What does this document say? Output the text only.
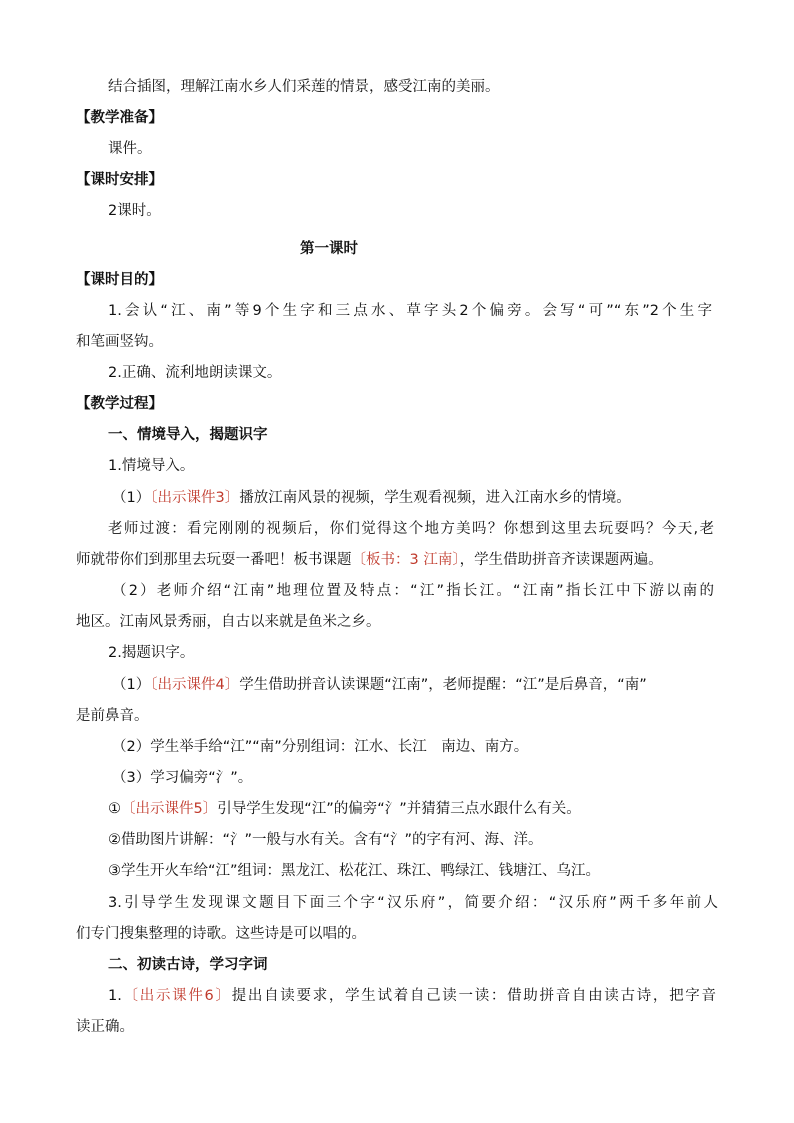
结合插图，理解江南水乡人们采莲的情景，感受江南的美丽。
【教学准备】
课件。
【课时安排】
2课时。
第一课时
【课时目的】
1.会认“江、南”等9个生字和三点水、草字头2个偏旁。会写“可”“东”2个生字
和笔画竖钩。
2.正确、流利地朗读课文。
【教学过程】
一、情境导入，揭题识字
1.情境导入。
（1）〔出示课件3〕播放江南风景的视频，学生观看视频，进入江南水乡的情境。
老师过渡：看完刚刚的视频后，你们觉得这个地方美吗？你想到这里去玩耍吗？今天,老
师就带你们到那里去玩耍一番吧！板书课题〔板书：3 江南〕，学生借助拼音齐读课题两遍。
（2）老师介绍“江南”地理位置及特点：“江”指长江。“江南”指长江中下游以南的
地区。江南风景秀丽，自古以来就是鱼米之乡。
2.揭题识字。
（1）〔出示课件4〕学生借助拼音认读课题“江南”，老师提醒：“江”是后鼻音，“南”
是前鼻音。
（2）学生举手给“江”“南”分别组词：江水、长江　南边、南方。
（3）学习偏旁“氵”。
①〔出示课件5〕引导学生发现“江”的偏旁“氵”并猜猜三点水跟什么有关。
②借助图片讲解：“氵”一般与水有关。含有“氵”的字有河、海、洋。
③学生开火车给“江”组词：黑龙江、松花江、珠江、鸭绿江、钱塘江、乌江。
3.引导学生发现课文题目下面三个字“汉乐府”，简要介绍：“汉乐府”两千多年前人
们专门搜集整理的诗歌。这些诗是可以唱的。
二、初读古诗，学习字词
1.〔出示课件6〕提出自读要求，学生试着自己读一读：借助拼音自由读古诗，把字音
读正确。
